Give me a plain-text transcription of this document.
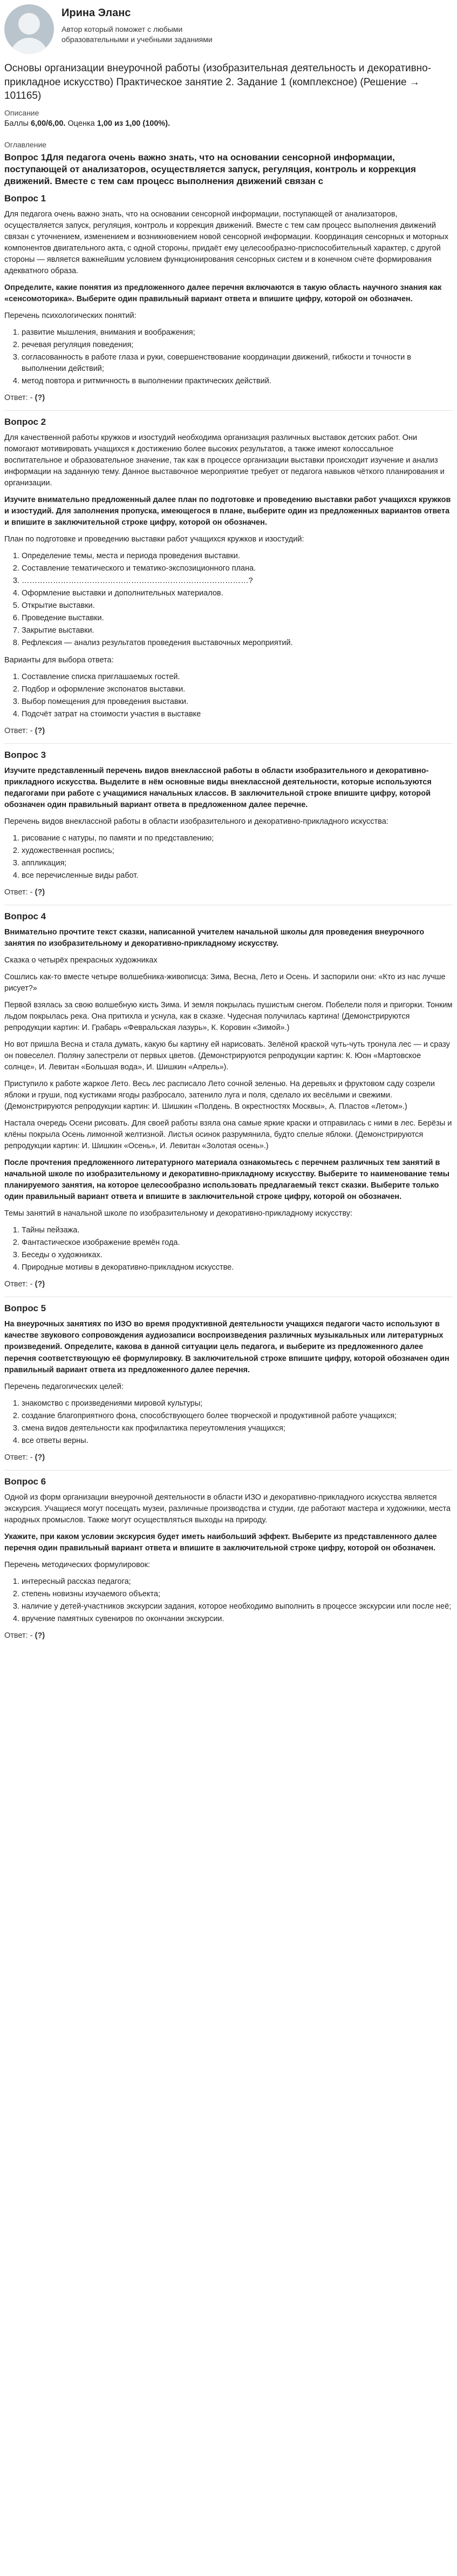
Ирина Эланс
Автор который поможет с любыми образовательными и учебными заданиями
Основы организации внеурочной работы (изобразительная деятельность и декоративно-прикладное искусство) Практическое занятие 2. Задание 1 (комплексное) (Решение → 101165)

Описание

Баллы 6,00/6,00. Оценка 1,00 из 1,00 (100%).

Оглавление

Вопрос 1Для педагога очень важно знать, что на основании сенсорной информации, поступающей от анализаторов, осуществляется запуск, регуляция, контроль и коррекция движений. Вместе с тем сам процесс выполнения движений связан с
Вопрос 1

Для педагога очень важно знать, что на основании сенсорной информации, поступающей от анализаторов, осуществляется запуск, регуляция, контроль и коррекция движений. Вместе с тем сам процесс выполнения движений связан с уточнением, изменением и возникновением новой сенсорной информации. Координация сенсорных и моторных компонентов двигательного акта, с одной стороны, придаёт ему целесообразно-приспособительный характер, с другой стороны — является важнейшим условием функционирования сенсорных систем и в конечном счёте формирования адекватного образа.

Определите, какие понятия из предложенного далее перечня включаются в такую область научного знания как «сенсомоторика». Выберите один правильный вариант ответа и впишите цифру, которой он обозначен.

Перечень психологических понятий:

1. развитие мышления, внимания и воображения;
2. речевая регуляция поведения;
3. согласованность в работе глаза и руки, совершенствование координации движений, гибкости и точности в выполнении действий;
4. метод повтора и ритмичность в выполнении практических действий.
Ответ: - (?)
Вопрос 2

Для качественной работы кружков и изостудий необходима организация различных выставок детских работ. Они помогают мотивировать учащихся к достижению более высоких результатов, а также имеют колоссальное воспитательное и образовательное значение, так как в процессе организации выставки происходит изучение и анализ информации на заданную тему. Данное выставочное мероприятие требует от педагога навыков чёткого планирования и организации.

Изучите внимательно предложенный далее план по подготовке и проведению выставки работ учащихся кружков и изостудий. Для заполнения пропуска, имеющегося в плане, выберите один из предложенных вариантов ответа и впишите в заключительной строке цифру, которой он обозначен.

План по подготовке и проведению выставки работ учащихся кружков и изостудий:

1. Определение темы, места и периода проведения выставки.
2. Составление тематического и тематико-экспозиционного плана.
3. ……………………………………………………………………………?
4. Оформление выставки и дополнительных материалов.
5. Открытие выставки.
6. Проведение выставки.
7. Закрытие выставки.
8. Рефлексия — анализ результатов проведения выставочных мероприятий.

Варианты для выбора ответа:

1. Составление списка приглашаемых гостей.
2. Подбор и оформление экспонатов выставки.
3. Выбор помещения для проведения выставки.
4. Подсчёт затрат на стоимости участия в выставке
Ответ: - (?)
Вопрос 3

Изучите представленный перечень видов внеклассной работы в области изобразительного и декоративно-прикладного искусства. Выделите в нём основные виды внеклассной деятельности, которые используются педагогами при работе с учащимися начальных классов. В заключительной строке впишите цифру, которой обозначен один правильный вариант ответа в предложенном далее перечне.

Перечень видов внеклассной работы в области изобразительного и декоративно-прикладного искусства:

1. рисование с натуры, по памяти и по представлению;
2. художественная роспись;
3. аппликация;
4. все перечисленные виды работ.
Ответ: - (?)
Вопрос 4

Внимательно прочтите текст сказки, написанной учителем начальной школы для проведения внеурочного занятия по изобразительному и декоративно-прикладному искусству.

Сказка о четырёх прекрасных художниках

Сошлись как-то вместе четыре волшебника-живописца: Зима, Весна, Лето и Осень. И заспорили они: «Кто из нас лучше рисует?»

Первой взялась за свою волшебную кисть Зима. И земля покрылась пушистым снегом. Побелели поля и пригорки. Тонким льдом покрылась река. Она притихла и уснула, как в сказке. Чудесная получилась картина! (Демонстрируются репродукции картин: И. Грабарь «Февральская лазурь», К. Коровин «Зимой».)

Но вот пришла Весна и стала думать, какую бы картину ей нарисовать. Зелёной краской чуть-чуть тронула лес — и сразу он повеселел. Поляну запестрели от первых цветов. (Демонстрируются репродукции картин: К. Юон «Мартовское солнце», И. Левитан «Большая вода», И. Шишкин «Апрель»).

Приступило к работе жаркое Лето. Весь лес расписало Лето сочной зеленью. На деревьях и фруктовом саду созрели яблоки и груши, под кустиками ягоды разбросало, затенило луга и поля, сделало их весёлыми и свежими. (Демонстрируются репродукции картин: И. Шишкин «Полдень. В окрестностях Москвы», А. Пластов «Летом».)

Настала очередь Осени рисовать. Для своей работы взяла она самые яркие краски и отправилась с ними в лес. Берёзы и клёны покрыла Осень лимонной желтизной. Листья осинок разрумянила, будто спелые яблоки. (Демонстрируются репродукции картин: И. Шишкин «Осень», И. Левитан «Золотая осень».)

После прочтения предложенного литературного материала ознакомьтесь с перечнем различных тем занятий в начальной школе по изобразительному и декоративно-прикладному искусству. Выберите то наименование темы планируемого занятия, на которое целесообразно использовать предлагаемый текст сказки. Выберите только один правильный вариант ответа и впишите в заключительной строке цифру, которой он обозначен.

Темы занятий в начальной школе по изобразительному и декоративно-прикладному искусству:

1. Тайны пейзажа.
2. Фантастическое изображение времён года.
3. Беседы о художниках.
4. Природные мотивы в декоративно-прикладном искусстве.
Ответ: - (?)
Вопрос 5

На внеурочных занятиях по ИЗО во время продуктивной деятельности учащихся педагоги часто используют в качестве звукового сопровождения аудиозаписи воспроизведения различных музыкальных или литературных произведений. Определите, какова в данной ситуации цель педагога, и выберите из предложенного далее перечня соответствующую её формулировку. В заключительной строке впишите цифру, которой обозначен один правильный вариант ответа из предложенного далее перечня.

Перечень педагогических целей:

1. знакомство с произведениями мировой культуры;
2. создание благоприятного фона, способствующего более творческой и продуктивной работе учащихся;
3. смена видов деятельности как профилактика переутомления учащихся;
4. все ответы верны.
Ответ: - (?)
Вопрос 6

Одной из форм организации внеурочной деятельности в области ИЗО и декоративно-прикладного искусства является экскурсия. Учащиеся могут посещать музеи, различные производства и студии, где работают мастера и художники, места народных промыслов. Также могут осуществляться выходы на природу.

Укажите, при каком условии экскурсия будет иметь наибольший эффект. Выберите из представленного далее перечня один правильный вариант ответа и впишите в заключительной строке цифру, которой он обозначен.

Перечень методических формулировок:

1. интересный рассказ педагога;
2. степень новизны изучаемого объекта;
3. наличие у детей-участников экскурсии задания, которое необходимо выполнить в процессе экскурсии или после неё;
4. вручение памятных сувениров по окончании экскурсии.
Ответ: - (?)
